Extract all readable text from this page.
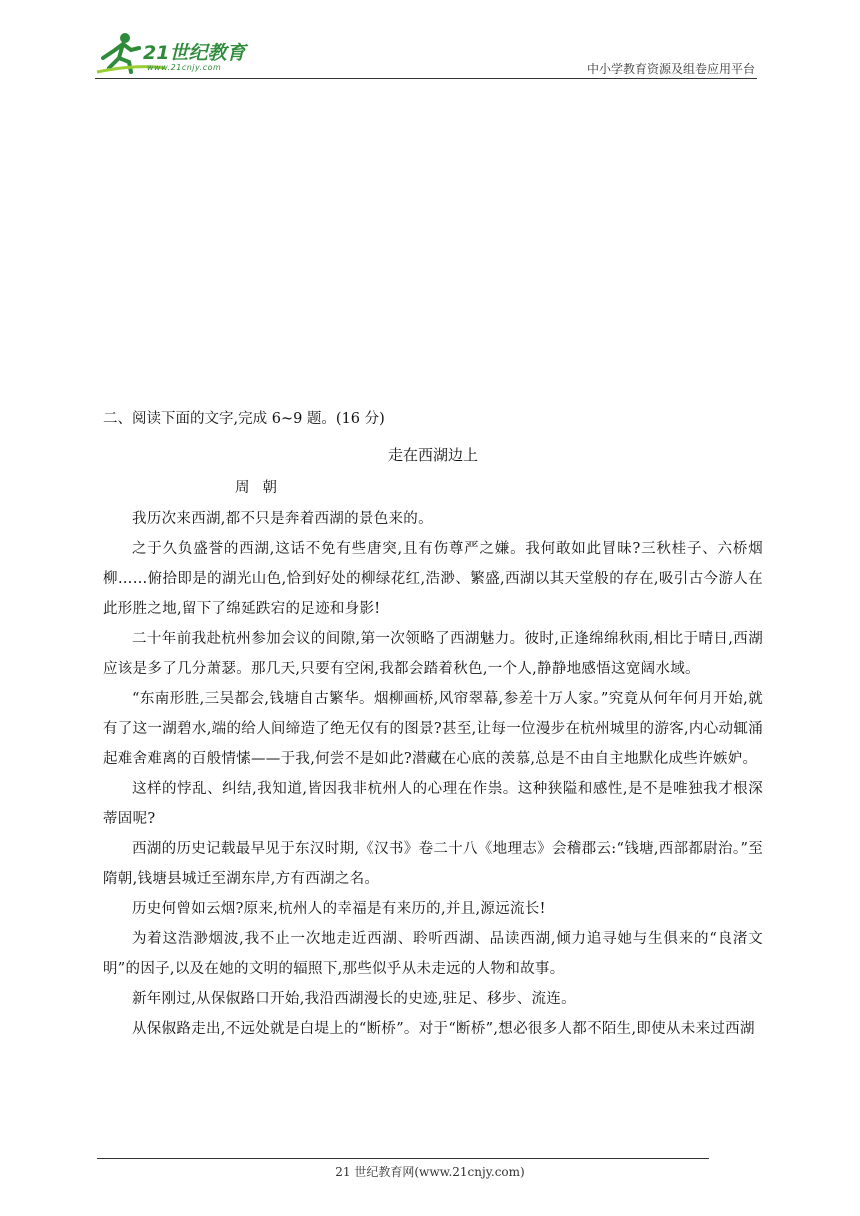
21世纪教育
www.21cnjy.com	中小学教育资源及组卷应用平台

二、阅读下面的文字,完成 6~9 题。(16 分)

走在西湖边上

周朝

我历次来西湖,都不只是奔着西湖的景色来的。

之于久负盛誉的西湖,这话不免有些唐突,且有伤尊严之嫌。我何敢如此冒昧?三秋桂子、六桥烟柳……俯拾即是的湖光山色,恰到好处的柳绿花红,浩渺、繁盛,西湖以其天堂般的存在,吸引古今游人在此形胜之地,留下了绵延跌宕的足迹和身影!

二十年前我赴杭州参加会议的间隙,第一次领略了西湖魅力。彼时,正逢绵绵秋雨,相比于晴日,西湖应该是多了几分萧瑟。那几天,只要有空闲,我都会踏着秋色,一个人,静静地感悟这宽阔水域。

“东南形胜,三吴都会,钱塘自古繁华。烟柳画桥,风帘翠幕,参差十万人家。”究竟从何年何月开始,就有了这一湖碧水,端的给人间缔造了绝无仅有的图景?甚至,让每一位漫步在杭州城里的游客,内心动辄涌起难舍难离的百般情愫——于我,何尝不是如此?潜藏在心底的羡慕,总是不由自主地默化成些许嫉妒。

这样的悖乱、纠结,我知道,皆因我非杭州人的心理在作祟。这种狭隘和感性,是不是唯独我才根深蒂固呢?

西湖的历史记载最早见于东汉时期,《汉书》卷二十八《地理志》会稽郡云:“钱塘,西部都尉治。”至隋朝,钱塘县城迁至湖东岸,方有西湖之名。

历史何曾如云烟?原来,杭州人的幸福是有来历的,并且,源远流长!

为着这浩渺烟波,我不止一次地走近西湖、聆听西湖、品读西湖,倾力追寻她与生俱来的“良渚文明”的因子,以及在她的文明的辐照下,那些似乎从未走远的人物和故事。

新年刚过,从保俶路口开始,我沿西湖漫长的史迹,驻足、移步、流连。

从保俶路走出,不远处就是白堤上的“断桥”。对于“断桥”,想必很多人都不陌生,即使从未来过西湖

21 世纪教育网(www.21cnjy.com)
